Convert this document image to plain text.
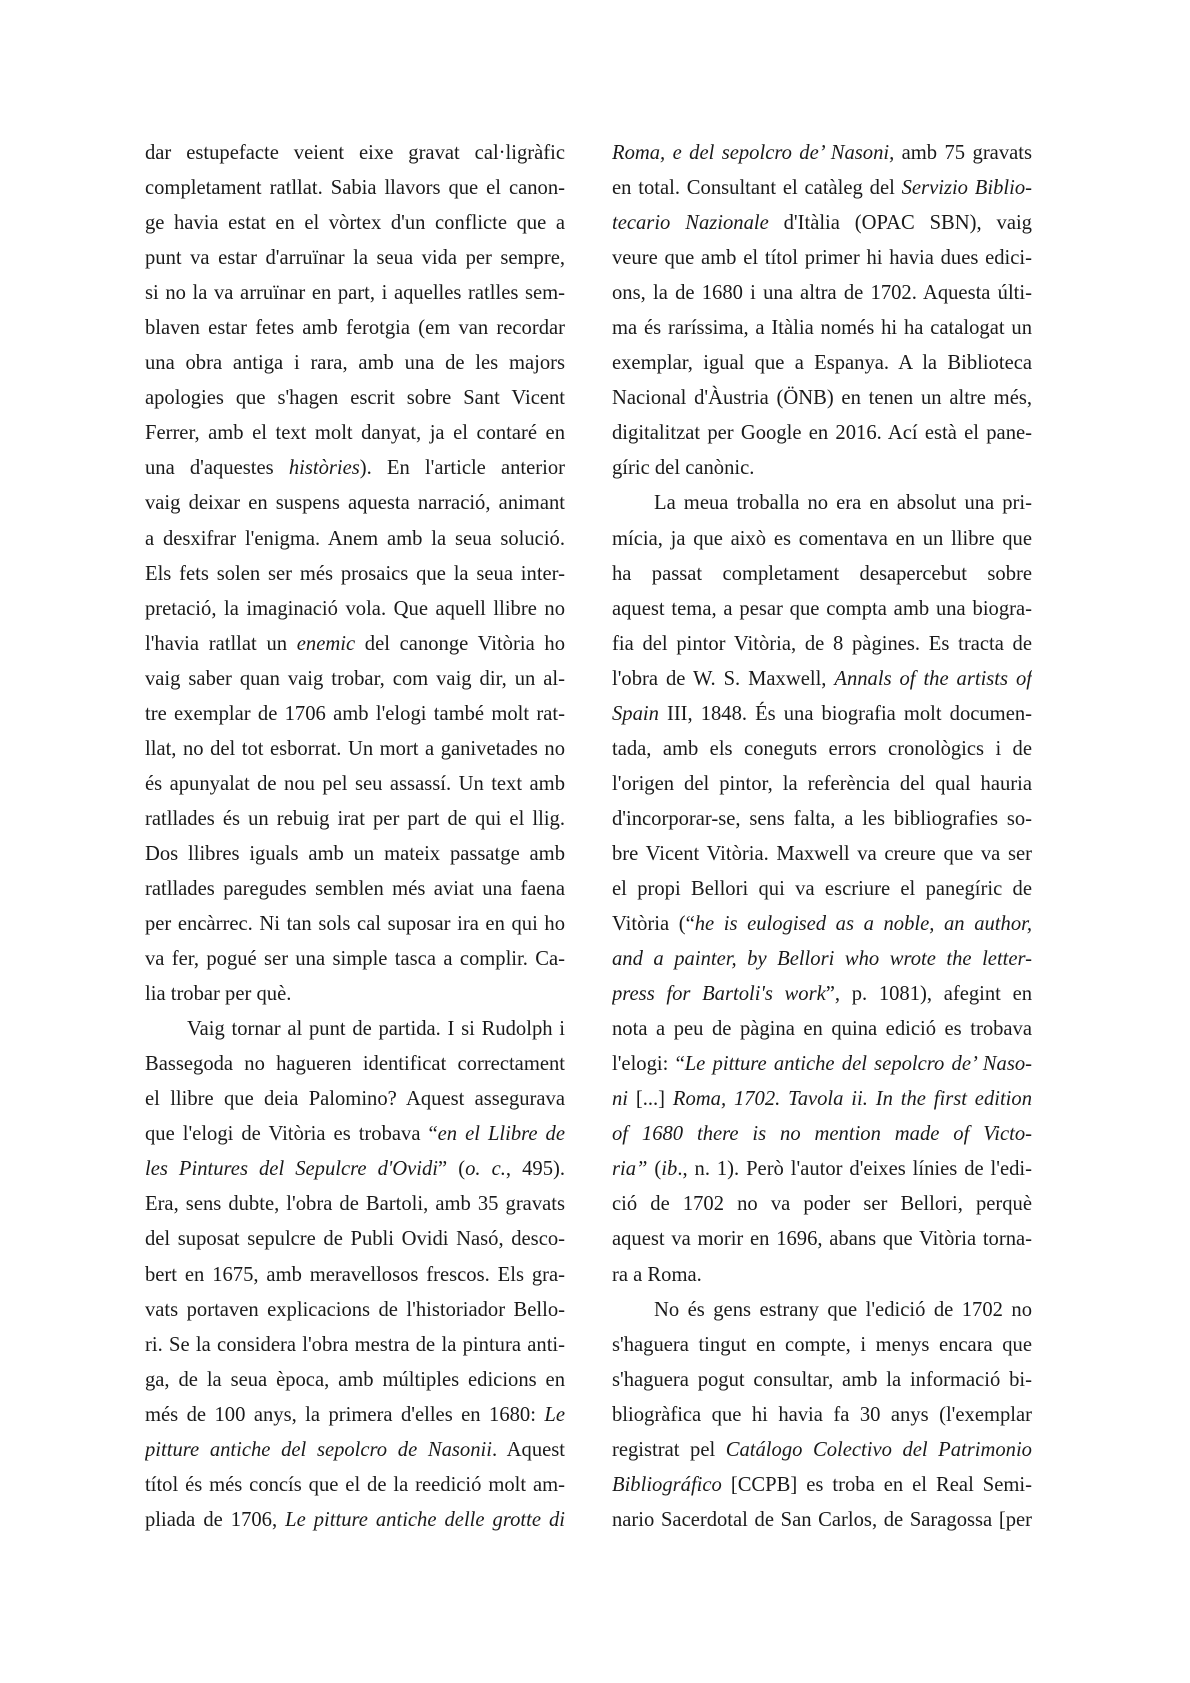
dar estupefacte veient eixe gravat cal·ligràfic
completament ratllat. Sabia llavors que el canon-
ge havia estat en el vòrtex d'un conflicte que a
punt va estar d'arruïnar la seua vida per sempre,
si no la va arruïnar en part, i aquelles ratlles sem-
blaven estar fetes amb ferotgia (em van recordar
una obra antiga i rara, amb una de les majors
apologies que s'hagen escrit sobre Sant Vicent
Ferrer, amb el text molt danyat, ja el contaré en
una d'aquestes històries). En l'article anterior
vaig deixar en suspens aquesta narració, animant
a desxifrar l'enigma. Anem amb la seua solució.
Els fets solen ser més prosaics que la seua inter-
pretació, la imaginació vola. Que aquell llibre no
l'havia ratllat un enemic del canonge Vitòria ho
vaig saber quan vaig trobar, com vaig dir, un al-
tre exemplar de 1706 amb l'elogi també molt rat-
llat, no del tot esborrat. Un mort a ganivetades no
és apunyalat de nou pel seu assassí. Un text amb
ratllades és un rebuig irat per part de qui el llig.
Dos llibres iguals amb un mateix passatge amb
ratllades paregudes semblen més aviat una faena
per encàrrec. Ni tan sols cal suposar ira en qui ho
va fer, pogué ser una simple tasca a complir. Ca-
lia trobar per què.
Vaig tornar al punt de partida. I si Rudolph i
Bassegoda no hagueren identificat correctament
el llibre que deia Palomino? Aquest assegurava
que l'elogi de Vitòria es trobava “en el Llibre de
les Pintures del Sepulcre d'Ovidi” (o. c., 495).
Era, sens dubte, l'obra de Bartoli, amb 35 gravats
del suposat sepulcre de Publi Ovidi Nasó, desco-
bert en 1675, amb meravellosos frescos. Els gra-
vats portaven explicacions de l'historiador Bello-
ri. Se la considera l'obra mestra de la pintura anti-
ga, de la seua època, amb múltiples edicions en
més de 100 anys, la primera d'elles en 1680: Le
pitture antiche del sepolcro de Nasonii. Aquest
títol és més concís que el de la reedició molt am-
pliada de 1706, Le pitture antiche delle grotte di
Roma, e del sepolcro de’ Nasoni, amb 75 gravats
en total. Consultant el catàleg del Servizio Biblio-
tecario Nazionale d'Itàlia (OPAC SBN), vaig
veure que amb el títol primer hi havia dues edici-
ons, la de 1680 i una altra de 1702. Aquesta últi-
ma és raríssima, a Itàlia només hi ha catalogat un
exemplar, igual que a Espanya. A la Biblioteca
Nacional d'Àustria (ÖNB) en tenen un altre més,
digitalitzat per Google en 2016. Ací està el pane-
gíric del canònic.
La meua troballa no era en absolut una pri-
mícia, ja que això es comentava en un llibre que
ha passat completament desapercebut sobre
aquest tema, a pesar que compta amb una biogra-
fia del pintor Vitòria, de 8 pàgines. Es tracta de
l'obra de W. S. Maxwell, Annals of the artists of
Spain III, 1848. És una biografia molt documen-
tada, amb els coneguts errors cronològics i de
l'origen del pintor, la referència del qual hauria
d'incorporar-se, sens falta, a les bibliografies so-
bre Vicent Vitòria. Maxwell va creure que va ser
el propi Bellori qui va escriure el panegíric de
Vitòria (“he is eulogised as a noble, an author,
and a painter, by Bellori who wrote the letter-
press for Bartoli's work”, p. 1081), afegint en
nota a peu de pàgina en quina edició es trobava
l'elogi: “Le pitture antiche del sepolcro de’ Naso-
ni [...] Roma, 1702. Tavola ii. In the first edition
of 1680 there is no mention made of Victo-
ria” (ib., n. 1). Però l'autor d'eixes línies de l'edi-
ció de 1702 no va poder ser Bellori, perquè
aquest va morir en 1696, abans que Vitòria torna-
ra a Roma.
No és gens estrany que l'edició de 1702 no
s'haguera tingut en compte, i menys encara que
s'haguera pogut consultar, amb la informació bi-
bliogràfica que hi havia fa 30 anys (l'exemplar
registrat pel Catálogo Colectivo del Patrimonio
Bibliográfico [CCPB] es troba en el Real Semi-
nario Sacerdotal de San Carlos, de Saragossa [per
